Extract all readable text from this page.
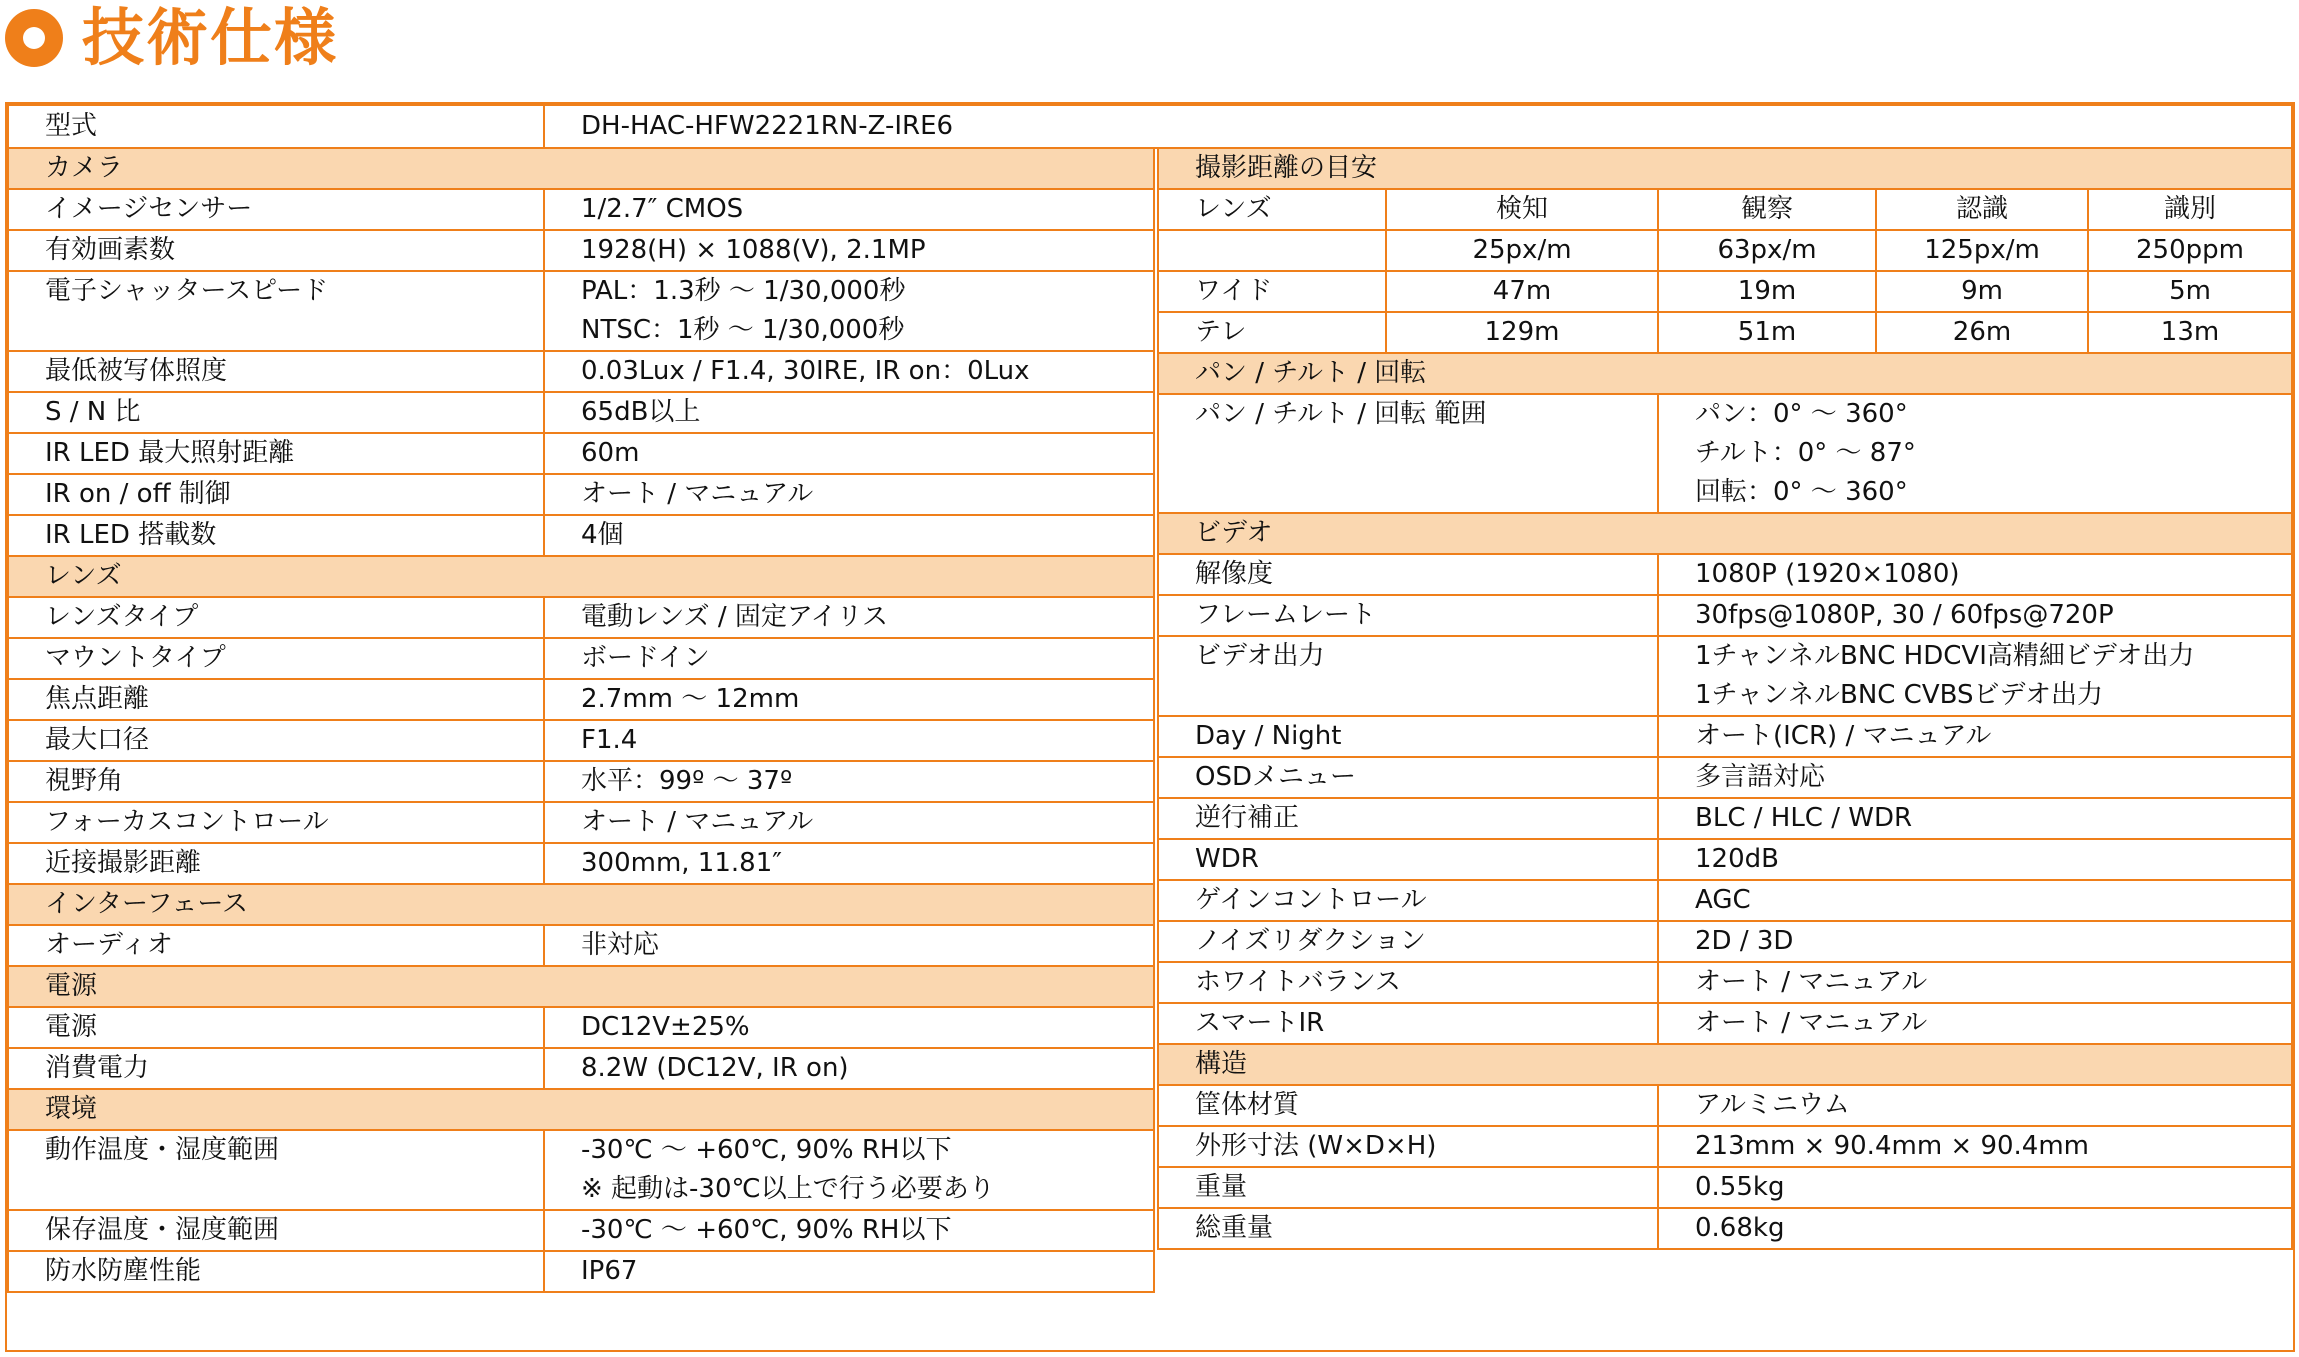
技術仕様
型式	DH-HAC-HFW2221RN-Z-IRE6
カメラ	
イメージセンサー	1/2.7″ CMOS

有効画素数	1928(H) × 1088(V), 2.1MP

電子シャッタースピード	PAL：1.3秒 〜 1/30,000秒
NTSC：1秒 〜 1/30,000秒

最低被写体照度	0.03Lux / F1.4, 30IRE, IR on：0Lux

S / N 比	65dB以上

IR LED 最大照射距離	60m

IR on / off 制御	オート / マニュアル

IR LED 搭載数	4個

レンズ	
レンズタイプ	電動レンズ / 固定アイリス

マウントタイプ	ボードイン

焦点距離	2.7mm 〜 12mm

最大口径	F1.4

視野角	水平：99º 〜 37º

フォーカスコントロール	オート / マニュアル

近接撮影距離	300mm, 11.81″

インターフェース	
オーディオ	非対応

電源	
電源	DC12V±25%

消費電力	8.2W (DC12V, IR on)

環境	
動作温度・湿度範囲	-30℃ 〜 +60℃, 90% RH以下
※ 起動は-30℃以上で行う必要あり

保存温度・湿度範囲	-30℃ 〜 +60℃, 90% RH以下

防水防塵性能	IP67
撮影距離の目安				
レンズ	検知	観察	認識	識別
	25px/m	63px/m	125px/m	250ppm
ワイド	47m	19m	9m	5m
テレ	129m	51m	26m	13m
パン / チルト / 回転				
パン / チルト / 回転 範囲		パン：0° 〜 360°
チルト：0° 〜 87°
回転：0° 〜 360°		

ビデオ				
解像度		1080P (1920×1080)		

フレームレート		30fps@1080P, 30 / 60fps@720P		

ビデオ出力		1チャンネルBNC HDCVI高精細ビデオ出力
1チャンネルBNC CVBSビデオ出力		

Day / Night		オート(ICR) / マニュアル		

OSDメニュー		多言語対応		

逆行補正		BLC / HLC / WDR		

WDR		120dB		

ゲインコントロール		AGC		

ノイズリダクション		2D / 3D		

ホワイトバランス		オート / マニュアル		

スマートIR		オート / マニュアル		

構造				
筐体材質		アルミニウム		

外形寸法 (W×D×H)		213mm × 90.4mm × 90.4mm		

重量		0.55kg		

総重量		0.68kg		
